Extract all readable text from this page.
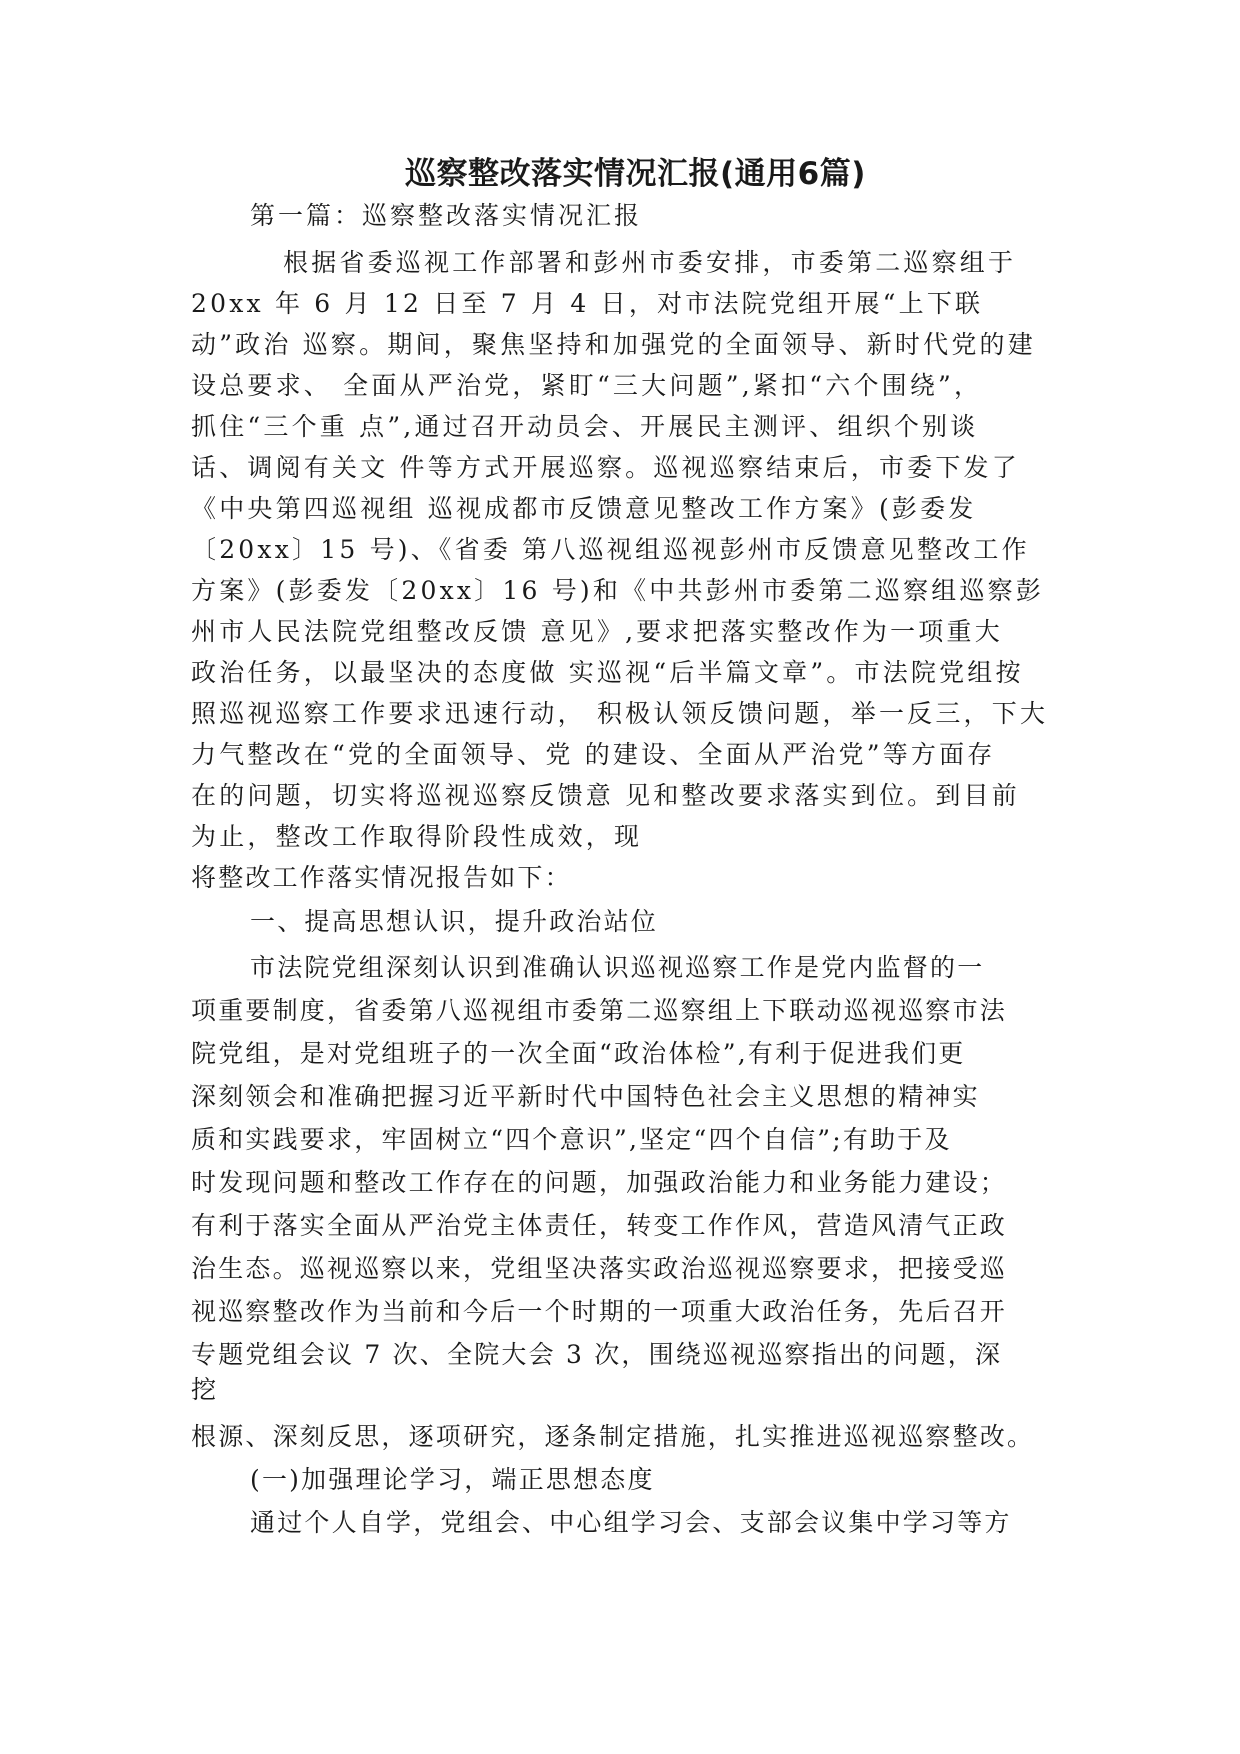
巡察整改落实情况汇报(通用6篇)
第一篇：巡察整改落实情况汇报
根据省委巡视工作部署和彭州市委安排，市委第二巡察组于
20xx 年 6 月 12 日至 7 月 4 日，对市法院党组开展“上下联
动”政治 巡察。期间，聚焦坚持和加强党的全面领导、新时代党的建
设总要求、 全面从严治党，紧盯“三大问题”,紧扣“六个围绕”，
抓住“三个重 点”,通过召开动员会、开展民主测评、组织个别谈
话、调阅有关文 件等方式开展巡察。巡视巡察结束后，市委下发了
《中央第四巡视组 巡视成都市反馈意见整改工作方案》(彭委发
〔20xx〕15 号)、《省委 第八巡视组巡视彭州市反馈意见整改工作
方案》(彭委发〔20xx〕16 号)和《中共彭州市委第二巡察组巡察彭
州市人民法院党组整改反馈 意见》,要求把落实整改作为一项重大
政治任务，以最坚决的态度做 实巡视“后半篇文章”。市法院党组按
照巡视巡察工作要求迅速行动， 积极认领反馈问题，举一反三，下大
力气整改在“党的全面领导、党 的建设、全面从严治党”等方面存
在的问题，切实将巡视巡察反馈意 见和整改要求落实到位。到目前
为止，整改工作取得阶段性成效，现
将整改工作落实情况报告如下：
一、提高思想认识，提升政治站位
市法院党组深刻认识到准确认识巡视巡察工作是党内监督的一
项重要制度，省委第八巡视组市委第二巡察组上下联动巡视巡察市法
院党组，是对党组班子的一次全面“政治体检”,有利于促进我们更
深刻领会和准确把握习近平新时代中国特色社会主义思想的精神实
质和实践要求，牢固树立“四个意识”,坚定“四个自信”;有助于及
时发现问题和整改工作存在的问题，加强政治能力和业务能力建设；
有利于落实全面从严治党主体责任，转变工作作风，营造风清气正政
治生态。巡视巡察以来，党组坚决落实政治巡视巡察要求，把接受巡
视巡察整改作为当前和今后一个时期的一项重大政治任务，先后召开
专题党组会议 7 次、全院大会 3 次，围绕巡视巡察指出的问题，深
挖
根源、深刻反思，逐项研究，逐条制定措施，扎实推进巡视巡察整改。
(一)加强理论学习，端正思想态度
通过个人自学，党组会、中心组学习会、支部会议集中学习等方
